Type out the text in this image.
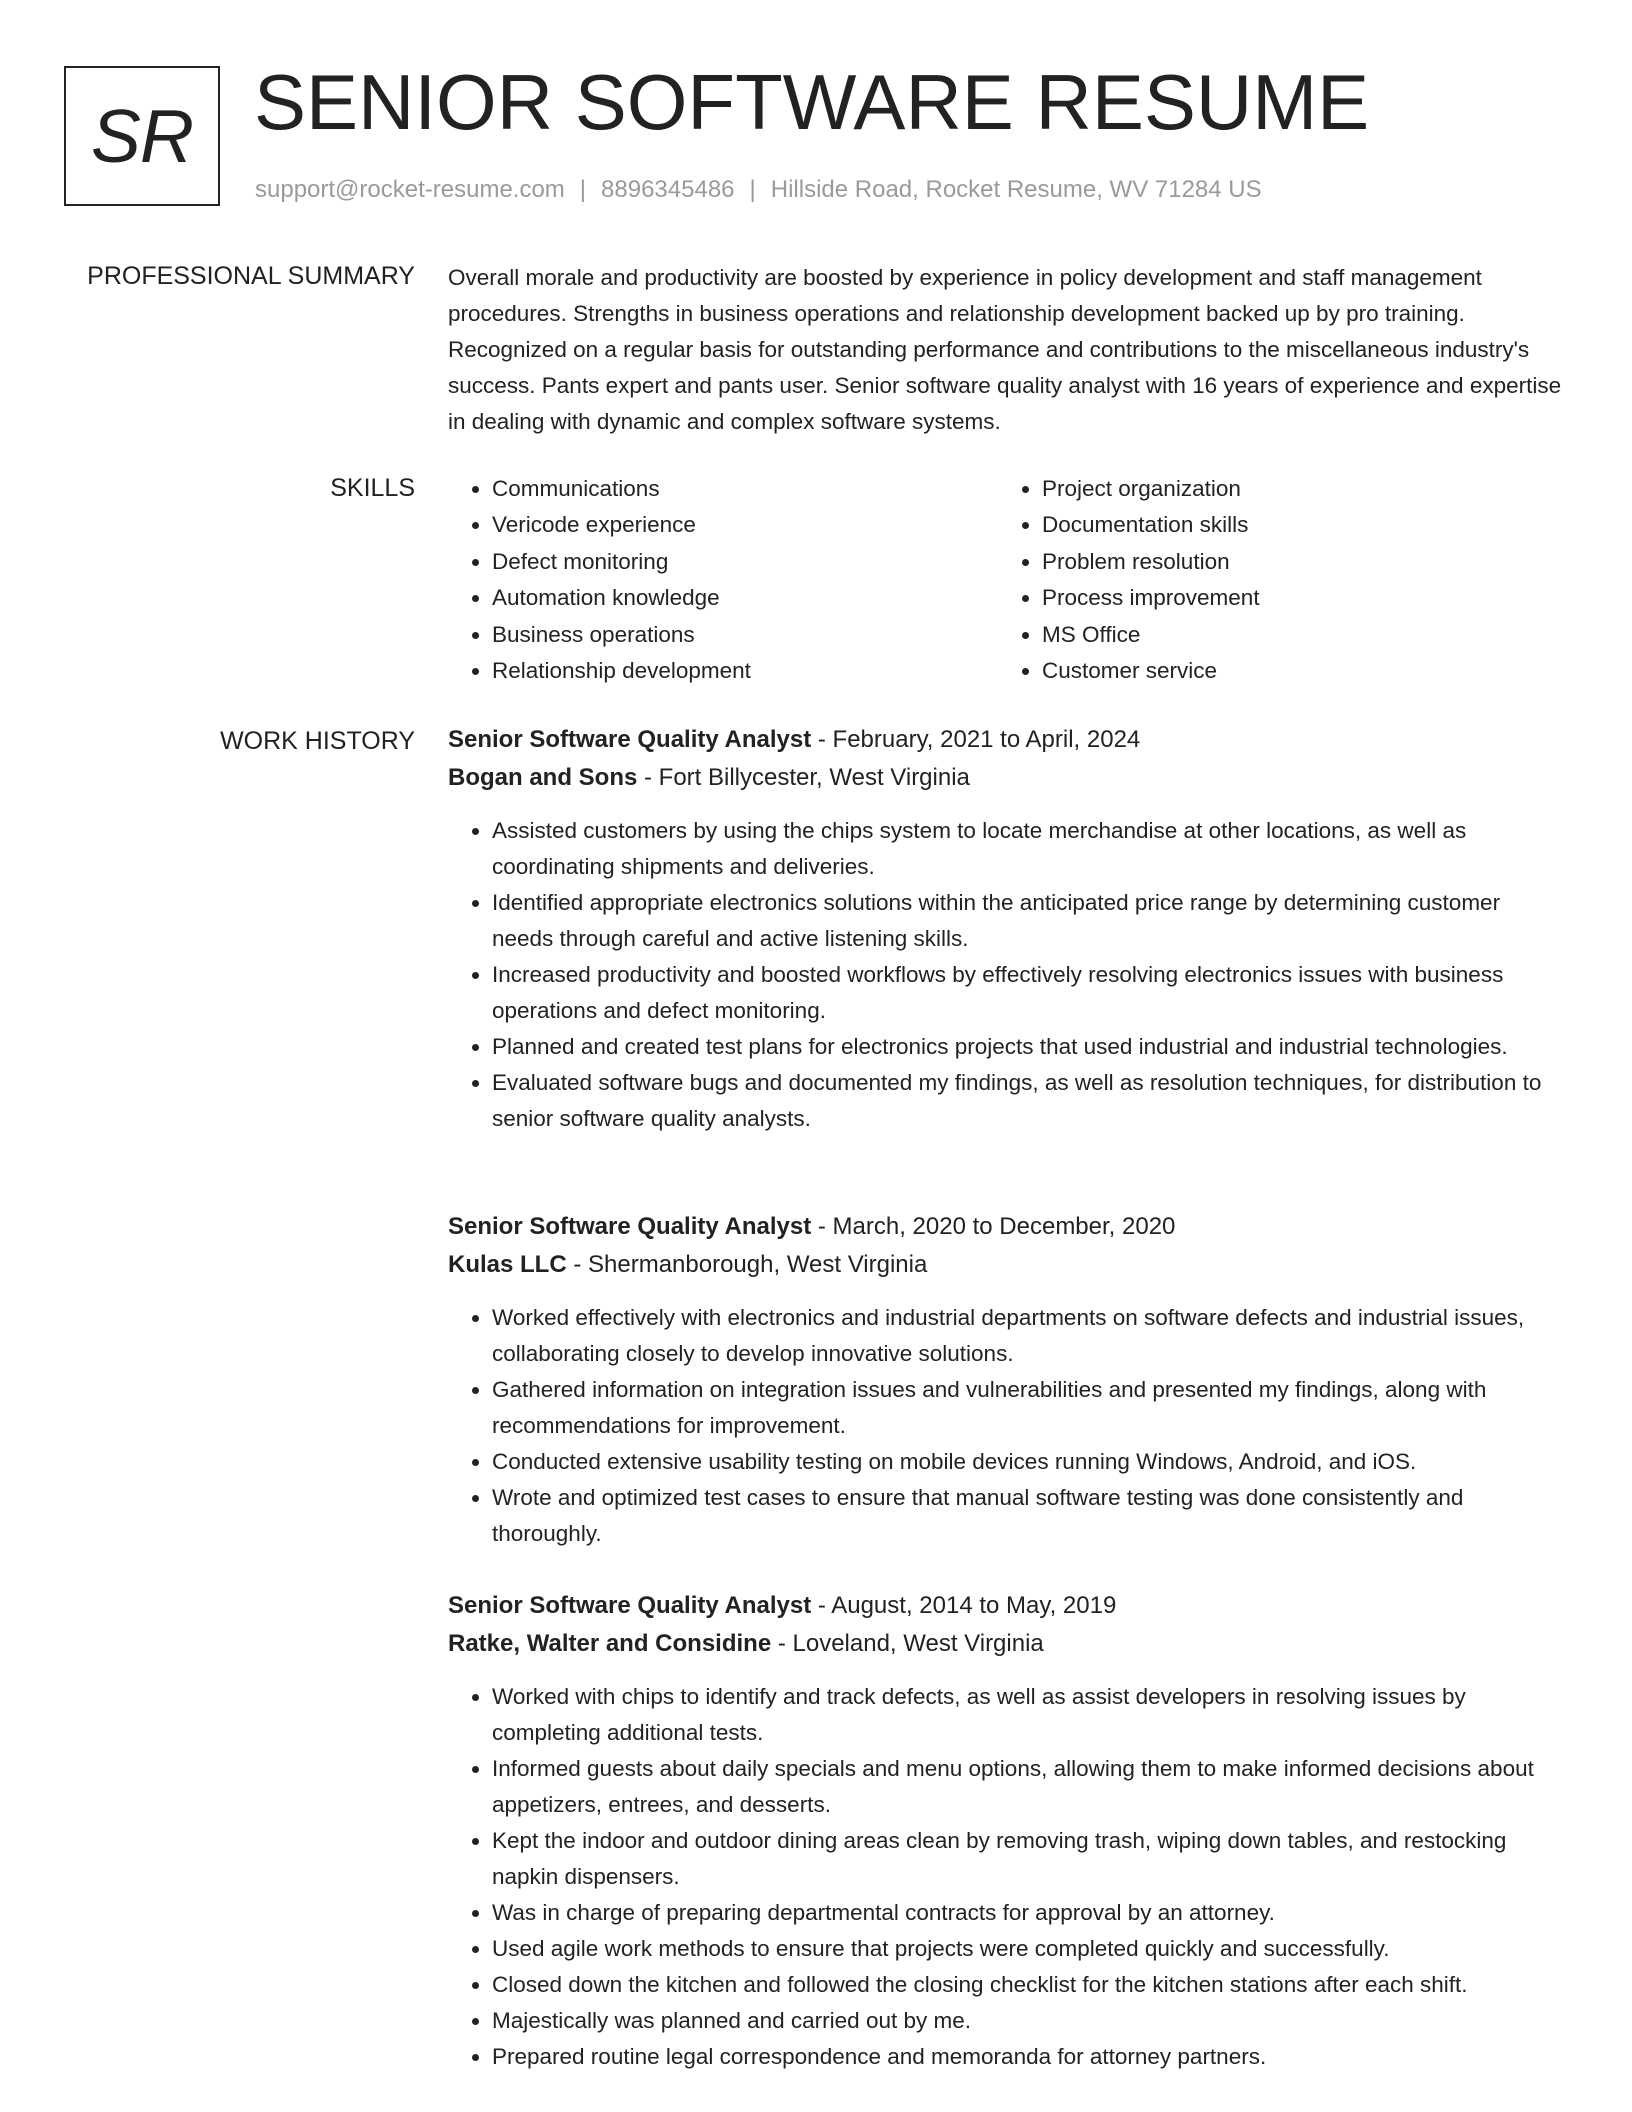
SR SENIOR SOFTWARE RESUME
support@rocket-resume.com | 8896345486 | Hillside Road, Rocket Resume, WV 71284 US
PROFESSIONAL SUMMARY Overall morale and productivity are boosted by experience in policy development and staff management procedures. Strengths in business operations and relationship development backed up by pro training. Recognized on a regular basis for outstanding performance and contributions to the miscellaneous industry's success. Pants expert and pants user. Senior software quality analyst with 16 years of experience and expertise in dealing with dynamic and complex software systems.
SKILLS
•	Communications
• Vericode experience
• Defect monitoring
• Automation knowledge
• Business operations
• Relationship development
• Project organization
• Documentation skills
• Problem resolution
• Process improvement
• MS Office
• Customer service
WORK HISTORY Senior Software Quality Analyst - February, 2021 to April, 2024
Bogan and Sons - Fort Billycester, West Virginia
• Assisted customers by using the chips system to locate merchandise at other locations, as well as coordinating shipments and deliveries.
• Identified appropriate electronics solutions within the anticipated price range by determining customer needs through careful and active listening skills.
• Increased productivity and boosted workflows by effectively resolving electronics issues with business operations and defect monitoring.
• Planned and created test plans for electronics projects that used industrial and industrial technologies.
• Evaluated software bugs and documented my findings, as well as resolution techniques, for distribution to senior software quality analysts.
Senior Software Quality Analyst - March, 2020 to December, 2020
Kulas LLC - Shermanborough, West Virginia
• Worked effectively with electronics and industrial departments on software defects and industrial issues, collaborating closely to develop innovative solutions.
• Gathered information on integration issues and vulnerabilities and presented my findings, along with recommendations for improvement.
• Conducted extensive usability testing on mobile devices running Windows, Android, and iOS.
• Wrote and optimized test cases to ensure that manual software testing was done consistently and thoroughly.
Senior Software Quality Analyst - August, 2014 to May, 2019
Ratke, Walter and Considine - Loveland, West Virginia
• Worked with chips to identify and track defects, as well as assist developers in resolving issues by completing additional tests.
• Informed guests about daily specials and menu options, allowing them to make informed decisions about appetizers, entrees, and desserts.
• Kept the indoor and outdoor dining areas clean by removing trash, wiping down tables, and restocking napkin dispensers.
• Was in charge of preparing departmental contracts for approval by an attorney.
• Used agile work methods to ensure that projects were completed quickly and successfully.
• Closed down the kitchen and followed the closing checklist for the kitchen stations after each shift.
• Majestically was planned and carried out by me.
• Prepared routine legal correspondence and memoranda for attorney partners.
